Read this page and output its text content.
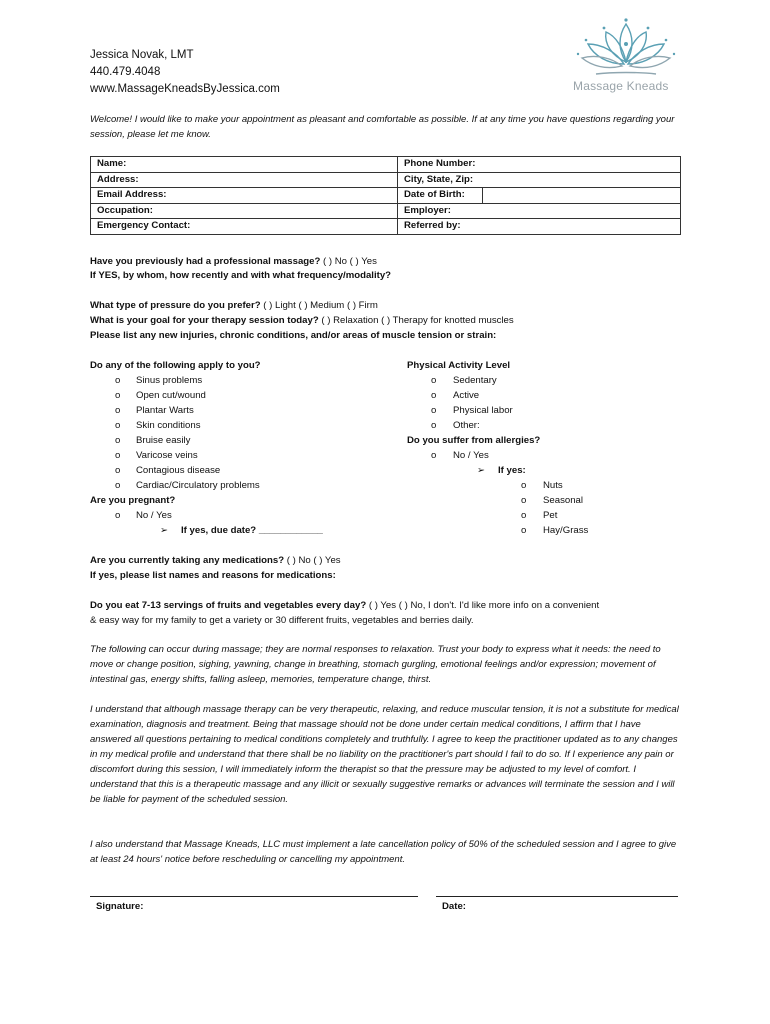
Jessica Novak, LMT
440.479.4048
www.MassageKneadsByJessica.com	Massage Kneads
Welcome! I would like to make your appointment as pleasant and comfortable as possible. If at any time you have questions regarding your session, please let me know.
Name:	Phone Number:
Address:	City, State, Zip:
Email Address:	Date of Birth:

Occupation:	Employer:
Emergency Contact:	Referred by:
Have you previously had a professional massage? ( ) No ( ) Yes
If YES, by whom, how recently and with what frequency/modality?
What type of pressure do you prefer? ( ) Light ( ) Medium ( ) Firm
What is your goal for your therapy session today? ( ) Relaxation ( ) Therapy for knotted muscles
Please list any new injuries, chronic conditions, and/or areas of muscle tension or strain:
Do any of the following apply to you?
o Sinus problems
o Open cut/wound
o Plantar Warts
o Skin conditions
o Bruise easily
o Varicose veins
o Contagious disease
o Cardiac/Circulatory problems
Are you pregnant?
o No / Yes
➢ If yes, due date? ____________
Physical Activity Level
o Sedentary
o Active
o Physical labor
o Other:
Do you suffer from allergies?
o No / Yes
➢ If yes:
o Nuts
o Seasonal
o Pet
o Hay/Grass
Are you currently taking any medications? ( ) No ( ) Yes
If yes, please list names and reasons for medications:
Do you eat 7-13 servings of fruits and vegetables every day? ( ) Yes ( ) No, I don't. I'd like more info on a convenient
& easy way for my family to get a variety or 30 different fruits, vegetables and berries daily.
The following can occur during massage; they are normal responses to relaxation. Trust your body to express what it needs: the need to move or change position, sighing, yawning, change in breathing, stomach gurgling, emotional feelings and/or expression; movement of intestinal gas, energy shifts, falling asleep, memories, temperature change, thirst.
I understand that although massage therapy can be very therapeutic, relaxing, and reduce muscular tension, it is not a substitute for medical examination, diagnosis and treatment. Being that massage should not be done under certain medical conditions, I affirm that I have answered all questions pertaining to medical conditions completely and truthfully. I agree to keep the practitioner updated as to any changes in my medical profile and understand that there shall be no liability on the practitioner's part should I fail to do so. If I experience any pain or discomfort during this session, I will immediately inform the therapist so that the pressure may be adjusted to my level of comfort. I understand that this is a therapeutic massage and any illicit or sexually suggestive remarks or advances will terminate the session and I will be liable for payment of the scheduled session.
I also understand that Massage Kneads, LLC must implement a late cancellation policy of 50% of the scheduled session and I agree to give at least 24 hours' notice before rescheduling or cancelling my appointment.
Signature:	Date:
